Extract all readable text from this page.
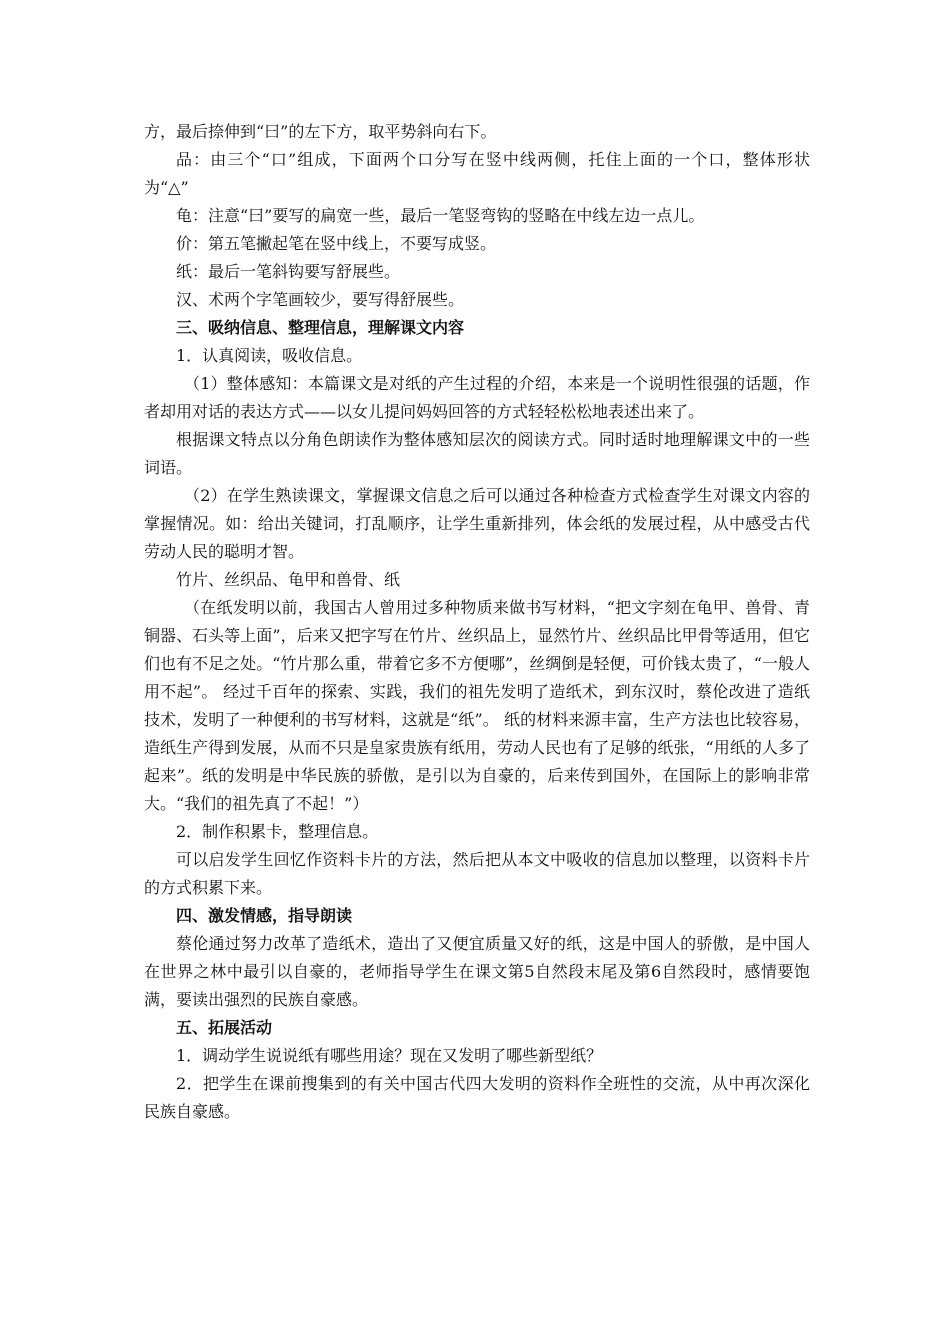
方，最后捺伸到“曰”的左下方，取平势斜向右下。

品：由三个“口”组成，下面两个口分写在竖中线两侧，托住上面的一个口，整体形状为“△”

龟：注意“曰”要写的扁宽一些，最后一笔竖弯钩的竖略在中线左边一点儿。

价：第五笔撇起笔在竖中线上，不要写成竖。

纸：最后一笔斜钩要写舒展些。

汉、术两个字笔画较少，要写得舒展些。

三、吸纳信息、整理信息，理解课文内容

1．认真阅读，吸收信息。

（1）整体感知：本篇课文是对纸的产生过程的介绍，本来是一个说明性很强的话题，作者却用对话的表达方式——以女儿提问妈妈回答的方式轻轻松松地表述出来了。

根据课文特点以分角色朗读作为整体感知层次的阅读方式。同时适时地理解课文中的一些词语。

（2）在学生熟读课文，掌握课文信息之后可以通过各种检查方式检查学生对课文内容的掌握情况。如：给出关键词，打乱顺序，让学生重新排列，体会纸的发展过程，从中感受古代劳动人民的聪明才智。

竹片、丝织品、龟甲和兽骨、纸

（在纸发明以前，我国古人曾用过多种物质来做书写材料，“把文字刻在龟甲、兽骨、青铜器、石头等上面”，后来又把字写在竹片、丝织品上，显然竹片、丝织品比甲骨等适用，但它们也有不足之处。“竹片那么重，带着它多不方便哪”，丝绸倒是轻便，可价钱太贵了，“一般人用不起”。 经过千百年的探索、实践，我们的祖先发明了造纸术，到东汉时，蔡伦改进了造纸技术，发明了一种便利的书写材料，这就是“纸”。 纸的材料来源丰富，生产方法也比较容易，造纸生产得到发展，从而不只是皇家贵族有纸用，劳动人民也有了足够的纸张，“用纸的人多了起来”。纸的发明是中华民族的骄傲，是引以为自豪的，后来传到国外，在国际上的影响非常大。“我们的祖先真了不起！”）

2．制作积累卡，整理信息。

可以启发学生回忆作资料卡片的方法，然后把从本文中吸收的信息加以整理，以资料卡片的方式积累下来。

四、激发情感，指导朗读

蔡伦通过努力改革了造纸术，造出了又便宜质量又好的纸，这是中国人的骄傲，是中国人在世界之林中最引以自豪的，老师指导学生在课文第5自然段末尾及第6自然段时，感情要饱满，要读出强烈的民族自豪感。

五、拓展活动

1．调动学生说说纸有哪些用途？现在又发明了哪些新型纸？

2．把学生在课前搜集到的有关中国古代四大发明的资料作全班性的交流，从中再次深化民族自豪感。
